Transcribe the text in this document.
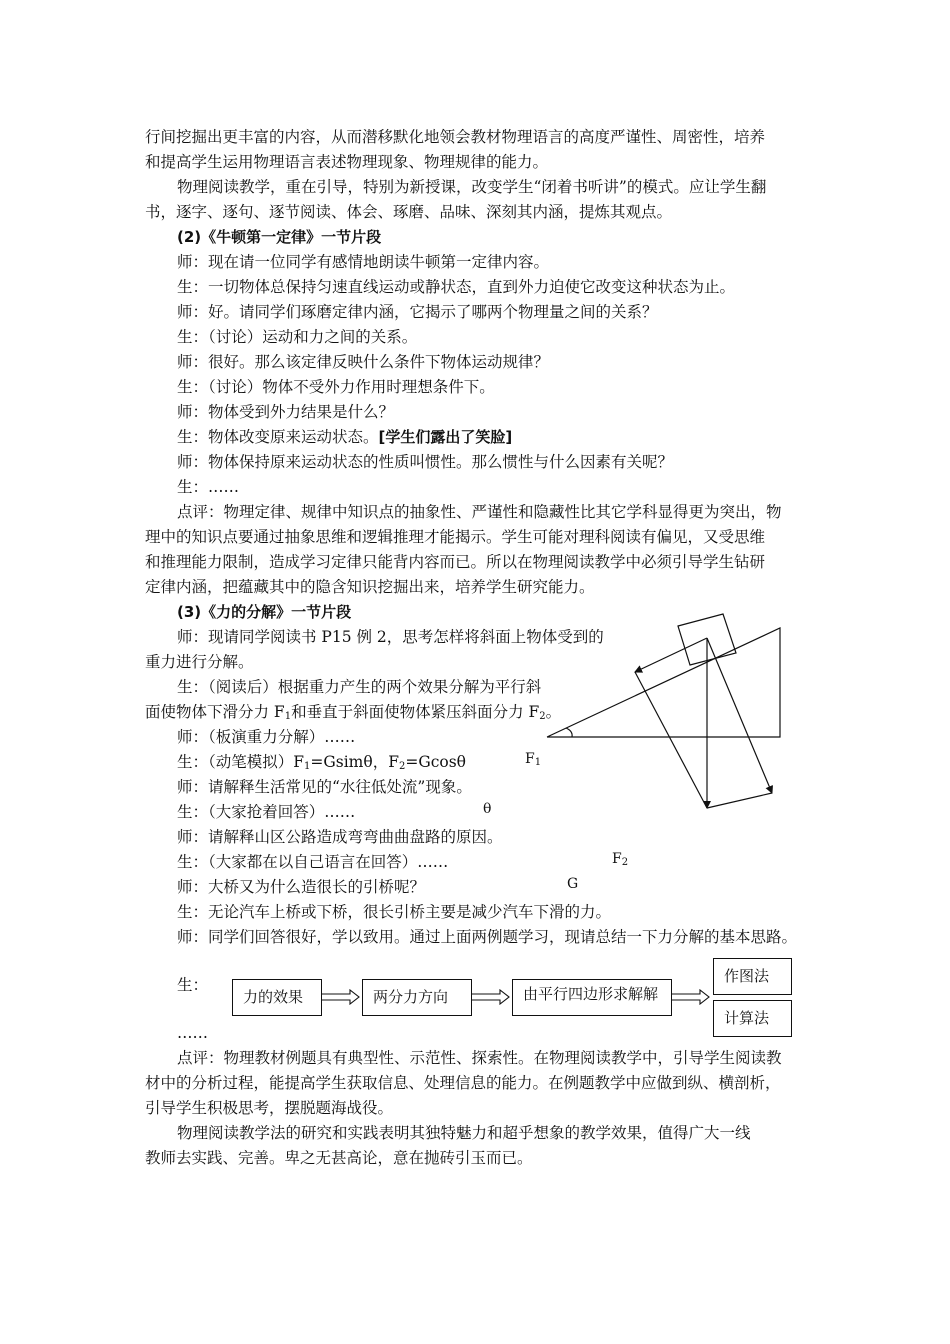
行间挖掘出更丰富的内容，从而潜移默化地领会教材物理语言的高度严谨性、周密性，培养
和提高学生运用物理语言表述物理现象、物理规律的能力。
物理阅读教学，重在引导，特别为新授课，改变学生“闭着书听讲”的模式。应让学生翻
书，逐字、逐句、逐节阅读、体会、琢磨、品味、深刻其内涵，提炼其观点。
(2)《牛顿第一定律》一节片段
师：现在请一位同学有感情地朗读牛顿第一定律内容。
生：一切物体总保持匀速直线运动或静状态，直到外力迫使它改变这种状态为止。
师：好。请同学们琢磨定律内涵，它揭示了哪两个物理量之间的关系？
生：（讨论）运动和力之间的关系。
师：很好。那么该定律反映什么条件下物体运动规律？
生：（讨论）物体不受外力作用时理想条件下。
师：物体受到外力结果是什么？
生：物体改变原来运动状态。[学生们露出了笑脸]
师：物体保持原来运动状态的性质叫惯性。那么惯性与什么因素有关呢？
生：……
点评：物理定律、规律中知识点的抽象性、严谨性和隐藏性比其它学科显得更为突出，物
理中的知识点要通过抽象思维和逻辑推理才能揭示。学生可能对理科阅读有偏见，又受思维
和推理能力限制，造成学习定律只能背内容而已。所以在物理阅读教学中必须引导学生钻研
定律内涵，把蕴藏其中的隐含知识挖掘出来，培养学生研究能力。
(3)《力的分解》一节片段
师：现请同学阅读书 P15 例 2，思考怎样将斜面上物体受到的
重力进行分解。
生：（阅读后）根据重力产生的两个效果分解为平行斜
面使物体下滑分力 $F_1$和垂直于斜面使物体紧压斜面分力 $F_2$。
师：（板演重力分解）……
生：（动笔模拟）$F_1=Gsim\theta$，$F_2=Gcos\theta$
师：请解释生活常见的“水往低处流”现象。
生：（大家抢着回答）……
师：请解释山区公路造成弯弯曲曲盘路的原因。
生：（大家都在以自己语言在回答）……
师：大桥又为什么造很长的引桥呢？
生：无论汽车上桥或下桥，很长引桥主要是减少汽车下滑的力。
师：同学们回答很好，学以致用。通过上面两例题学习，现请总结一下力分解的基本思路。
$F_1$
θ
$F_2$
G
生：
力的效果	两分力方向	由平行四边形求解解
作图法
计算法
……
点评：物理教材例题具有典型性、示范性、探索性。在物理阅读教学中，引导学生阅读教
材中的分析过程，能提高学生获取信息、处理信息的能力。在例题教学中应做到纵、横剖析，
引导学生积极思考，摆脱题海战役。
物理阅读教学法的研究和实践表明其独特魅力和超乎想象的教学效果，值得广大一线
教师去实践、完善。卑之无甚高论，意在抛砖引玉而已。
